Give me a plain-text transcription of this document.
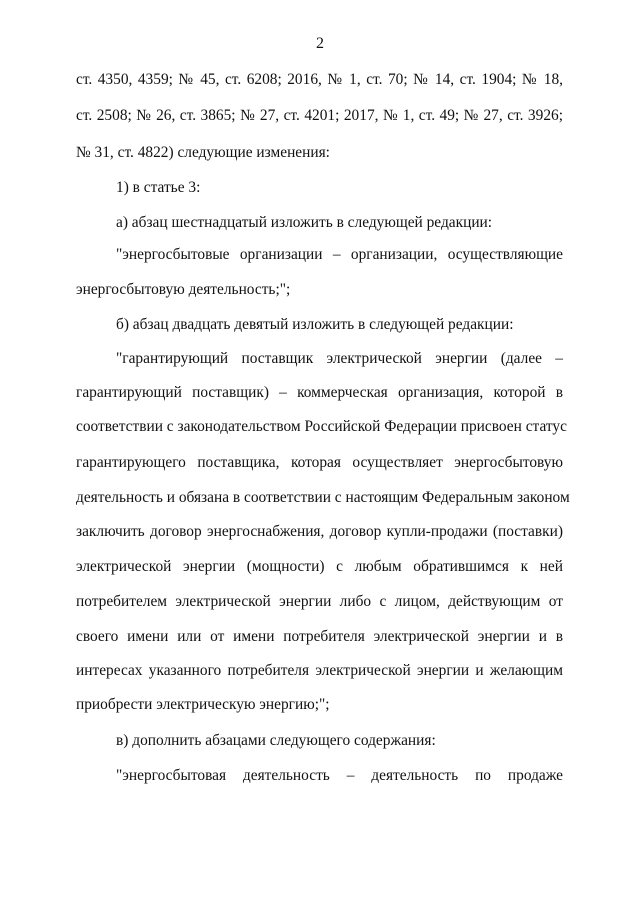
2
ст. 4350, 4359; № 45, ст. 6208; 2016, № 1, ст. 70; № 14, ст. 1904; № 18,
ст. 2508; № 26, ст. 3865; № 27, ст. 4201; 2017, № 1, ст. 49; № 27, ст. 3926;
№ 31, ст. 4822) следующие изменения:
1) в статье 3:
а) абзац шестнадцатый изложить в следующей редакции:
"энергосбытовые организации – организации, осуществляющие
энергосбытовую деятельность;";
б) абзац двадцать девятый изложить в следующей редакции:
"гарантирующий поставщик электрической энергии (далее –
гарантирующий поставщик) – коммерческая организация, которой в
соответствии с законодательством Российской Федерации присвоен статус
гарантирующего поставщика, которая осуществляет энергосбытовую
деятельность и обязана в соответствии с настоящим Федеральным законом
заключить договор энергоснабжения, договор купли-продажи (поставки)
электрической энергии (мощности) с любым обратившимся к ней
потребителем электрической энергии либо с лицом, действующим от
своего имени или от имени потребителя электрической энергии и в
интересах указанного потребителя электрической энергии и желающим
приобрести электрическую энергию;";
в) дополнить абзацами следующего содержания:
"энергосбытовая деятельность – деятельность по продаже
